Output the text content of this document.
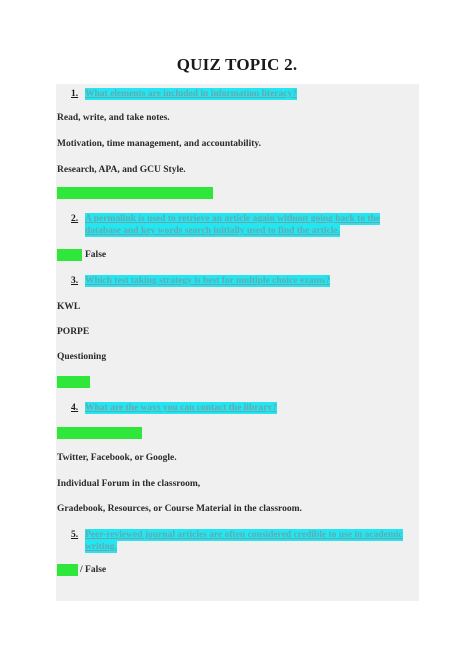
QUIZ TOPIC 2.
1. What elements are included in information literacy?
Read, write, and take notes.
Motivation, time management, and accountability.
Research, APA, and GCU Style.
2. A permalink is used to retrieve an article again without going back to the
database and key words search initially used to find the article.
False
3. Which test taking strategy is best for multiple choice exams?
KWL
PORPE
Questioning
4. What are the ways you can contact the library?
Twitter, Facebook, or Google.
Individual Forum in the classroom,
Gradebook, Resources, or Course Material in the classroom.
5. Peer-reviewed journal articles are often considered credible to use in academic
writing.
/ False
